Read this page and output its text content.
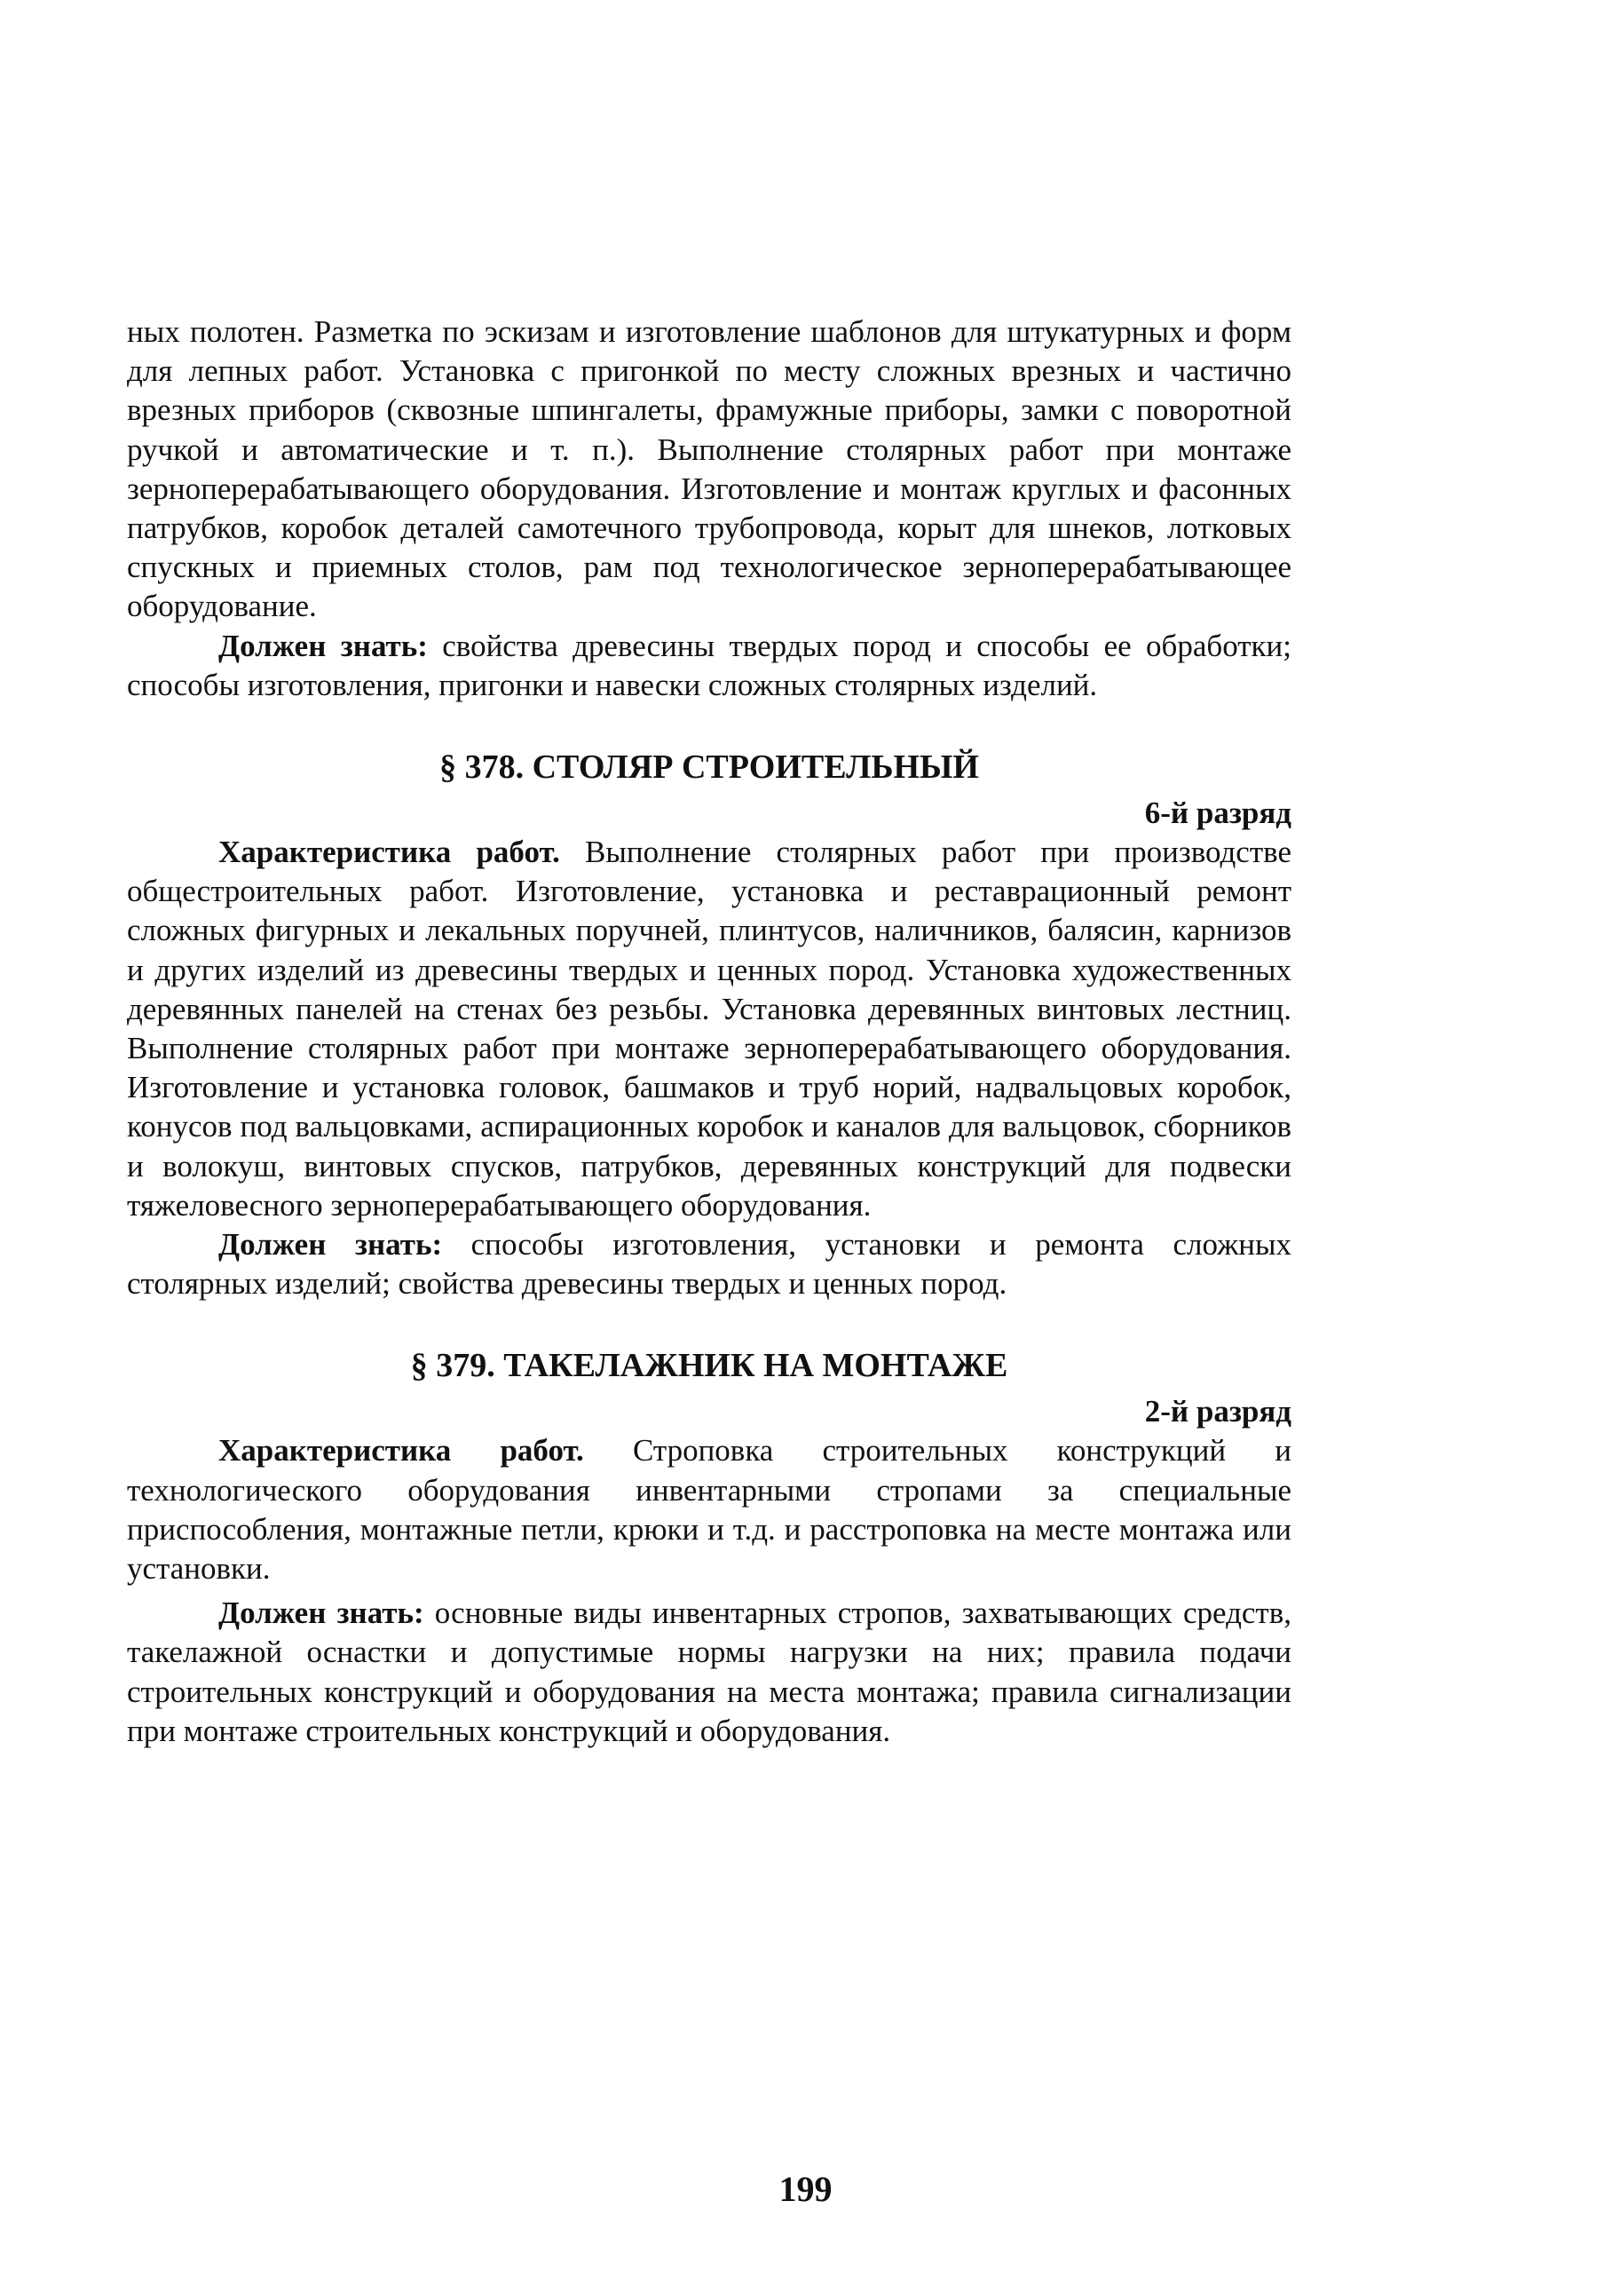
ных полотен. Разметка по эскизам и изготовление шаблонов для штукатурных и форм для лепных работ. Установка с пригонкой по месту сложных врезных и частично врезных приборов (сквозные шпингалеты, фрамужные приборы, замки с поворотной ручкой и автоматические и т. п.). Выполнение столярных работ при монтаже зерноперерабатывающего оборудования. Изготовление и монтаж круглых и фасонных патрубков, коробок деталей самотечного трубопровода, корыт для шнеков, лотковых спускных и приемных столов, рам под технологическое зерноперерабатывающее оборудование.

Должен знать: свойства древесины твердых пород и способы ее обработки; способы изготовления, пригонки и навески сложных столярных изделий.

§ 378. СТОЛЯР СТРОИТЕЛЬНЫЙ

6-й разряд

Характеристика работ. Выполнение столярных работ при производстве общестроительных работ. Изготовление, установка и реставрационный ремонт сложных фигурных и лекальных поручней, плинтусов, наличников, балясин, карнизов и других изделий из древесины твердых и ценных пород. Установка художественных деревянных панелей на стенах без резьбы. Установка деревянных винтовых лестниц. Выполнение столярных работ при монтаже зерноперерабатывающего оборудования. Изготовление и установка головок, башмаков и труб норий, надвальцовых коробок, конусов под вальцовками, аспирационных коробок и каналов для вальцовок, сборников и волокуш, винтовых спусков, патрубков, деревянных конструкций для подвески тяжеловесного зерноперерабатывающего оборудования.

Должен знать: способы изготовления, установки и ремонта сложных столярных изделий; свойства древесины твердых и ценных пород.

§ 379. ТАКЕЛАЖНИК НА МОНТАЖЕ

2-й разряд

Характеристика работ. Строповка строительных конструкций и технологического оборудования инвентарными стропами за специальные приспособления, монтажные петли, крюки и т.д. и расстроповка на месте монтажа или установки.

Должен знать: основные виды инвентарных стропов, захватывающих средств, такелажной оснастки и допустимые нормы нагрузки на них; правила подачи строительных конструкций и оборудования на места монтажа; правила сигнализации при монтаже строительных конструкций и оборудования.

199
